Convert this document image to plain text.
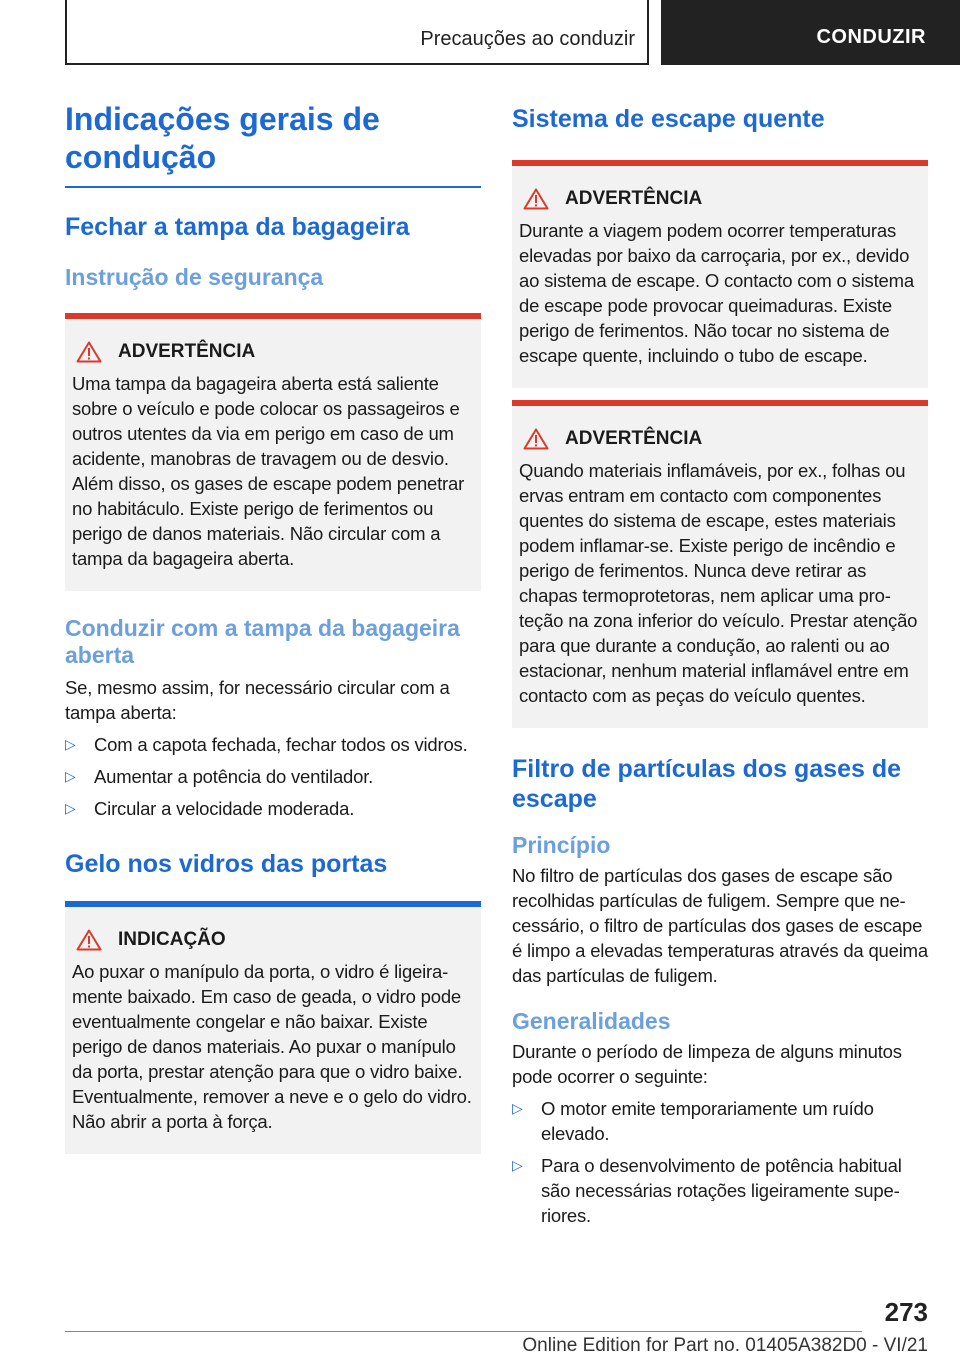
Precauções ao conduzir	CONDUZIR
Indicações gerais de condução
Fechar a tampa da bagageira
Instrução de segurança
ADVERTÊNCIA

Uma tampa da bagageira aberta está saliente sobre o veículo e pode colocar os passageiros e outros utentes da via em perigo em caso de um acidente, manobras de travagem ou de desvio. Além disso, os gases de escape podem penetrar no habitáculo. Existe perigo de ferimentos ou perigo de danos materiais. Não circular com a tampa da bagageira aberta.

Conduzir com a tampa da bagageira aberta

Se, mesmo assim, for necessário circular com a tampa aberta:

▷ Com a capota fechada, fechar todos os vidros.
▷ Aumentar a potência do ventilador.
▷ Circular a velocidade moderada.
Gelo nos vidros das portas
INDICAÇÃO

Ao puxar o manípulo da porta, o vidro é ligeiramente baixado. Em caso de geada, o vidro pode eventualmente congelar e não baixar. Existe perigo de danos materiais. Ao puxar o manípulo da porta, prestar atenção para que o vidro baixe. Eventualmente, remover a neve e o gelo do vidro. Não abrir a porta à força.

Sistema de escape quente
ADVERTÊNCIA

Durante a viagem podem ocorrer temperaturas elevadas por baixo da carroçaria, por ex., devido ao sistema de escape. O contacto com o sistema de escape pode provocar queimaduras. Existe perigo de ferimentos. Não tocar no sistema de escape quente, incluindo o tubo de escape.

ADVERTÊNCIA

Quando materiais inflamáveis, por ex., folhas ou ervas entram em contacto com componentes quentes do sistema de escape, estes materiais podem inflamar-se. Existe perigo de incêndio e perigo de ferimentos. Nunca deve retirar as chapas termoprotetoras, nem aplicar uma proteção na zona inferior do veículo. Prestar atenção para que durante a condução, ao ralenti ou ao estacionar, nenhum material inflamável entre em contacto com as peças do veículo quentes.

Filtro de partículas dos gases de escape
Princípio

No filtro de partículas dos gases de escape são recolhidas partículas de fuligem. Sempre que necessário, o filtro de partículas dos gases de escape é limpo a elevadas temperaturas através da queima das partículas de fuligem.

Generalidades

Durante o período de limpeza de alguns minutos pode ocorrer o seguinte:

▷ O motor emite temporariamente um ruído elevado.
▷ Para o desenvolvimento de potência habitual são necessárias rotações ligeiramente superiores.
273
Online Edition for Part no. 01405A382D0 - VI/21
